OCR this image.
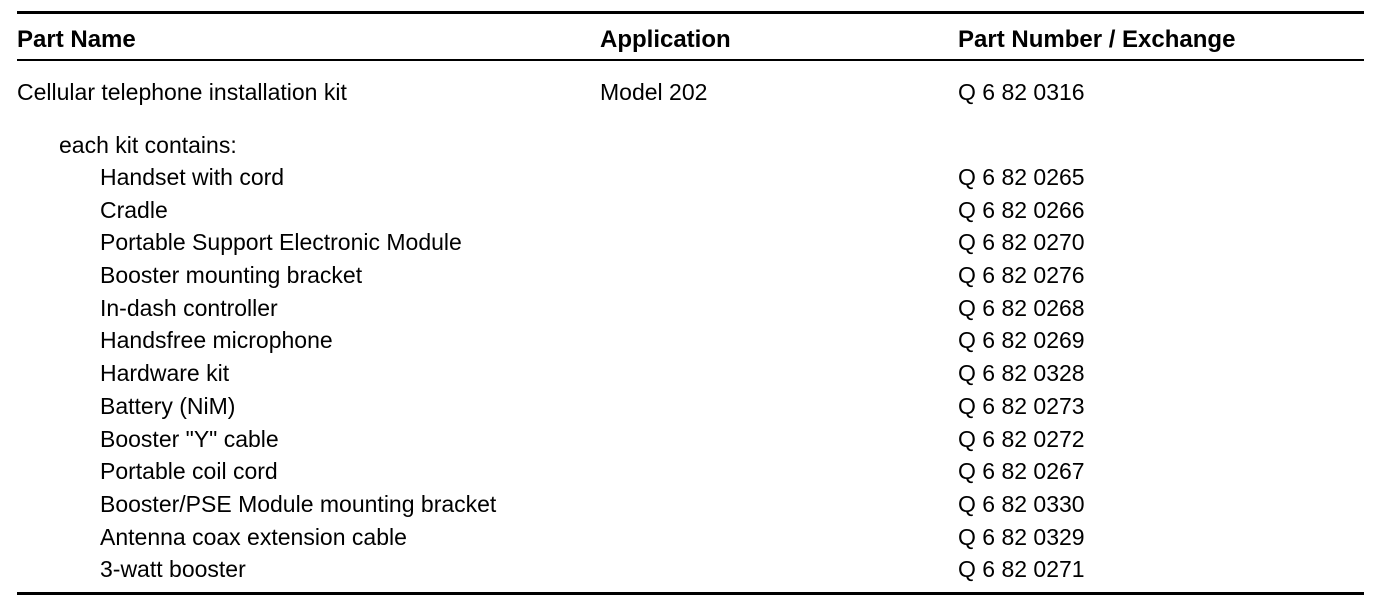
Part Name	Application	Part Number / Exchange
Cellular telephone installation kit	Model 202	Q 6 82 0316
each kit contains:
Handset with cord	Q 6 82 0265
Cradle	Q 6 82 0266
Portable Support Electronic Module	Q 6 82 0270
Booster mounting bracket	Q 6 82 0276
In-dash controller	Q 6 82 0268
Handsfree microphone	Q 6 82 0269
Hardware kit	Q 6 82 0328
Battery (NiM)	Q 6 82 0273
Booster "Y" cable	Q 6 82 0272
Portable coil cord	Q 6 82 0267
Booster/PSE Module mounting bracket	Q 6 82 0330
Antenna coax extension cable	Q 6 82 0329
3-watt booster	Q 6 82 0271
